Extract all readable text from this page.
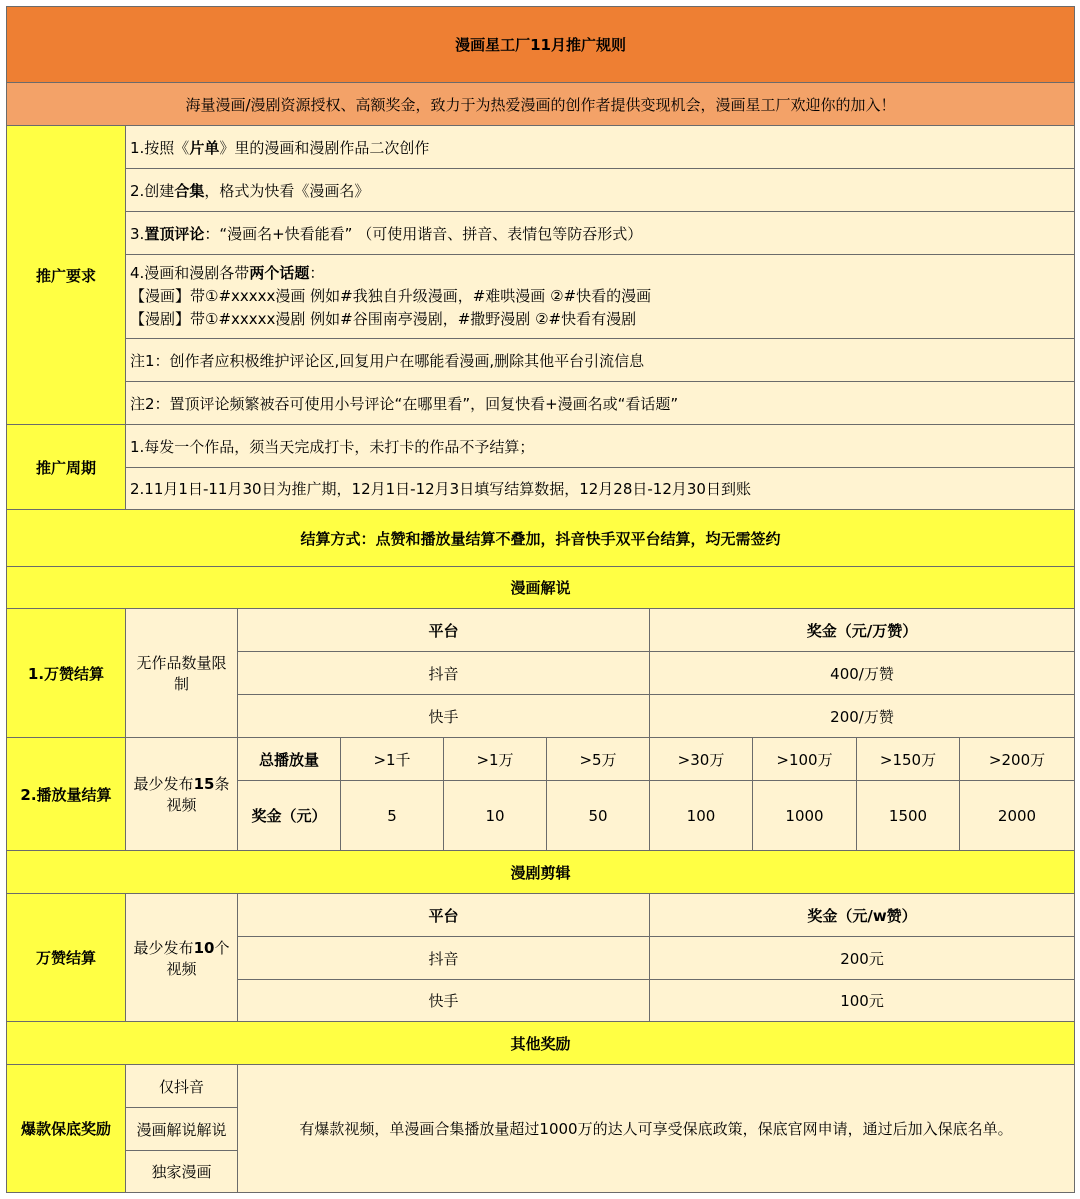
漫画星工厂11月推广规则									
海量漫画/漫剧资源授权、高额奖金，致力于为热爱漫画的创作者提供变现机会，漫画星工厂欢迎你的加入！									
推广要求	1.按照《片单》里的漫画和漫剧作品二次创作								
	2.创建合集，格式为快看《漫画名》								
	3.置顶评论：“漫画名+快看能看” （可使用谐音、拼音、表情包等防吞形式）								

	4.漫画和漫剧各带两个话题：
【漫画】带①#xxxxx漫画 例如#我独自升级漫画，#难哄漫画 ②#快看的漫画
【漫剧】带①#xxxxx漫剧 例如#谷围南亭漫剧，#撒野漫剧 ②#快看有漫剧								

	注1：创作者应积极维护评论区,回复用户在哪能看漫画,删除其他平台引流信息								
	注2：置顶评论频繁被吞可使用小号评论“在哪里看”，回复快看+漫画名或“看话题”								
推广周期	1.每发一个作品，须当天完成打卡，未打卡的作品不予结算；								
	2.11月1日-11月30日为推广期，12月1日-12月3日填写结算数据，12月28日-12月30日到账								
结算方式：点赞和播放量结算不叠加，抖音快手双平台结算，均无需签约									
漫画解说									
1.万赞结算	无作品数量限制	平台				奖金（元/万赞）			
		抖音				400/万赞			
		快手				200/万赞			
2.播放量结算	最少发布15条视频	总播放量	>1千	>1万	>5万	>30万	>100万	>150万	>200万
		奖金（元）	5	10	50	100	1000	1500	2000
漫剧剪辑									
万赞结算	最少发布10个视频	平台				奖金（元/w赞）			
		抖音				200元			
		快手				100元			
其他奖励									
爆款保底奖励	仅抖音	有爆款视频，单漫画合集播放量超过1000万的达人可享受保底政策，保底官网申请，通过后加入保底名单。							
	漫画解说解说								
	独家漫画								
